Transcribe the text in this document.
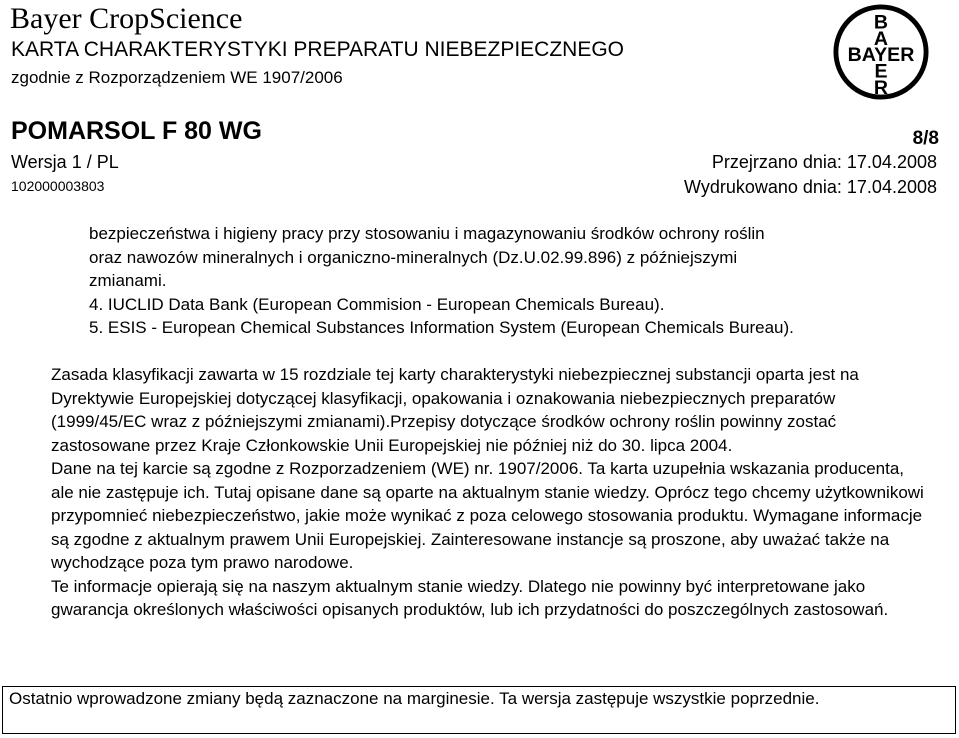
Bayer CropScience
KARTA CHARAKTERYSTYKI PREPARATU NIEBEZPIECZNEGO
zgodnie z Rozporządzeniem WE 1907/2006
POMARSOL F 80 WG
Wersja 1 / PL
102000003803
8/8
Przejrzano dnia: 17.04.2008
Wydrukowano dnia: 17.04.2008
B
A
BAYER
E
R
bezpieczeństwa i higieny pracy przy stosowaniu i magazynowaniu środków ochrony roślin
oraz nawozów mineralnych i organiczno-mineralnych (Dz.U.02.99.896) z późniejszymi
zmianami.
4. IUCLID Data Bank (European Commision - European Chemicals Bureau).
5. ESIS - European Chemical Substances Information System (European Chemicals Bureau).

Zasada klasyfikacji zawarta w 15 rozdziale tej karty charakterystyki niebezpiecznej substancji oparta jest na Dyrektywie Europejskiej dotyczącej klasyfikacji, opakowania i oznakowania niebezpiecznych preparatów (1999/45/EC wraz z późniejszymi zmianami).Przepisy dotyczące środków ochrony roślin powinny zostać zastosowane przez Kraje Członkowskie Unii Europejskiej nie później niż do 30. lipca 2004.

Dane na tej karcie są zgodne z Rozporzadzeniem (WE) nr. 1907/2006. Ta karta uzupełnia wskazania producenta, ale nie zastępuje ich. Tutaj opisane dane są oparte na aktualnym stanie wiedzy. Oprócz tego chcemy użytkownikowi przypomnieć niebezpieczeństwo, jakie może wynikać z poza celowego stosowania produktu. Wymagane informacje są zgodne z aktualnym prawem Unii Europejskiej. Zainteresowane instancje są proszone, aby uważać także na wychodzące poza tym prawo narodowe.

Te informacje opierają się na naszym aktualnym stanie wiedzy. Dlatego nie powinny być interpretowane jako gwarancja określonych właściwości opisanych produktów, lub ich przydatności do poszczególnych zastosowań.

Ostatnio wprowadzone zmiany będą zaznaczone na marginesie. Ta wersja zastępuje wszystkie poprzednie.
